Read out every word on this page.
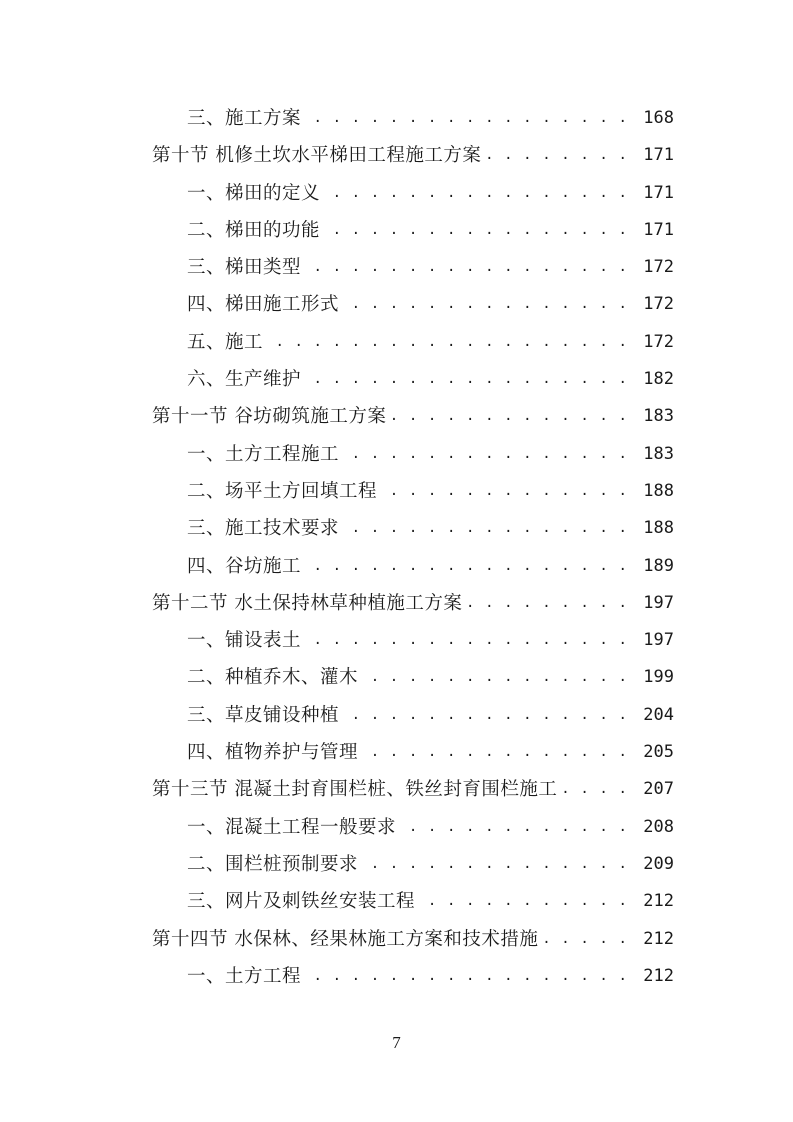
三、施工方案 . . .	168
第十节 机修土坎水平梯田工程施工方案 . . .	171
一、梯田的定义 . . .	171
二、梯田的功能 . . .	171
三、梯田类型 . . .	172
四、梯田施工形式 . . .	172
五、施工 . . .	172
六、生产维护 . . .	182
第十一节 谷坊砌筑施工方案 . . .	183
一、土方工程施工 . . .	183
二、场平土方回填工程 . . .	188
三、施工技术要求 . . .	188
四、谷坊施工 . . .	189
第十二节 水土保持林草种植施工方案 . . .	197
一、铺设表土 . . .	197
二、种植乔木、灌木 . . .	199
三、草皮铺设种植 . . .	204
四、植物养护与管理 . . .	205
第十三节 混凝土封育围栏桩、铁丝封育围栏施工 . . .	207
一、混凝土工程一般要求 . . .	208
二、围栏桩预制要求 . . .	209
三、网片及刺铁丝安装工程 . . .	212
第十四节 水保林、经果林施工方案和技术措施 . . .	212
一、土方工程 . . .	212
7
